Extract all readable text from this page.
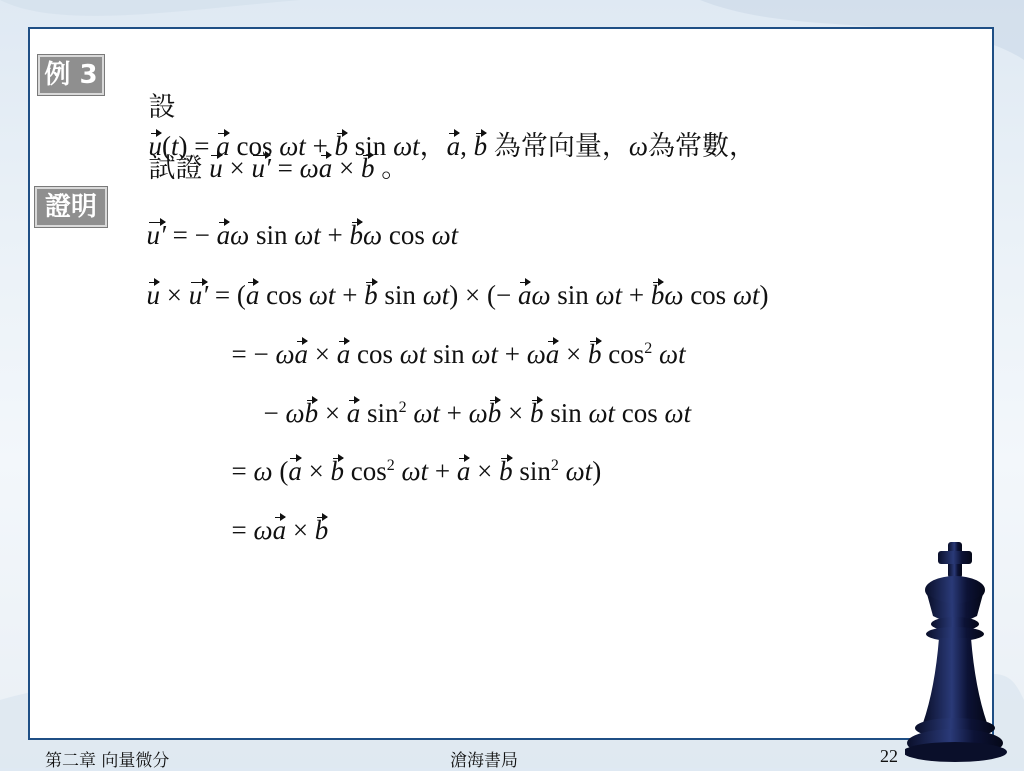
例 3

設
u(t) = a cos ωt + b sin ωt，a, b 為常向量，ω為常數，

試證 u × u′ = ωa × b 。

證明

u′ = − aω sin ωt + bω cos ωt

u × u′ = (a cos ωt + b sin ωt) × (− aω sin ωt + bω cos ωt)

= − ωa × a cos ωt sin ωt + ωa × b $\cos^2 \omega t$

− ωb × a $\sin^2 \omega t + \omega b \times b$ sin ωt cos ωt

= ω (a × b $\cos^2 \omega t + a \times b$ $\sin^2 \omega t$)

= ωa × b

第二章 向量微分	滄海書局	22
